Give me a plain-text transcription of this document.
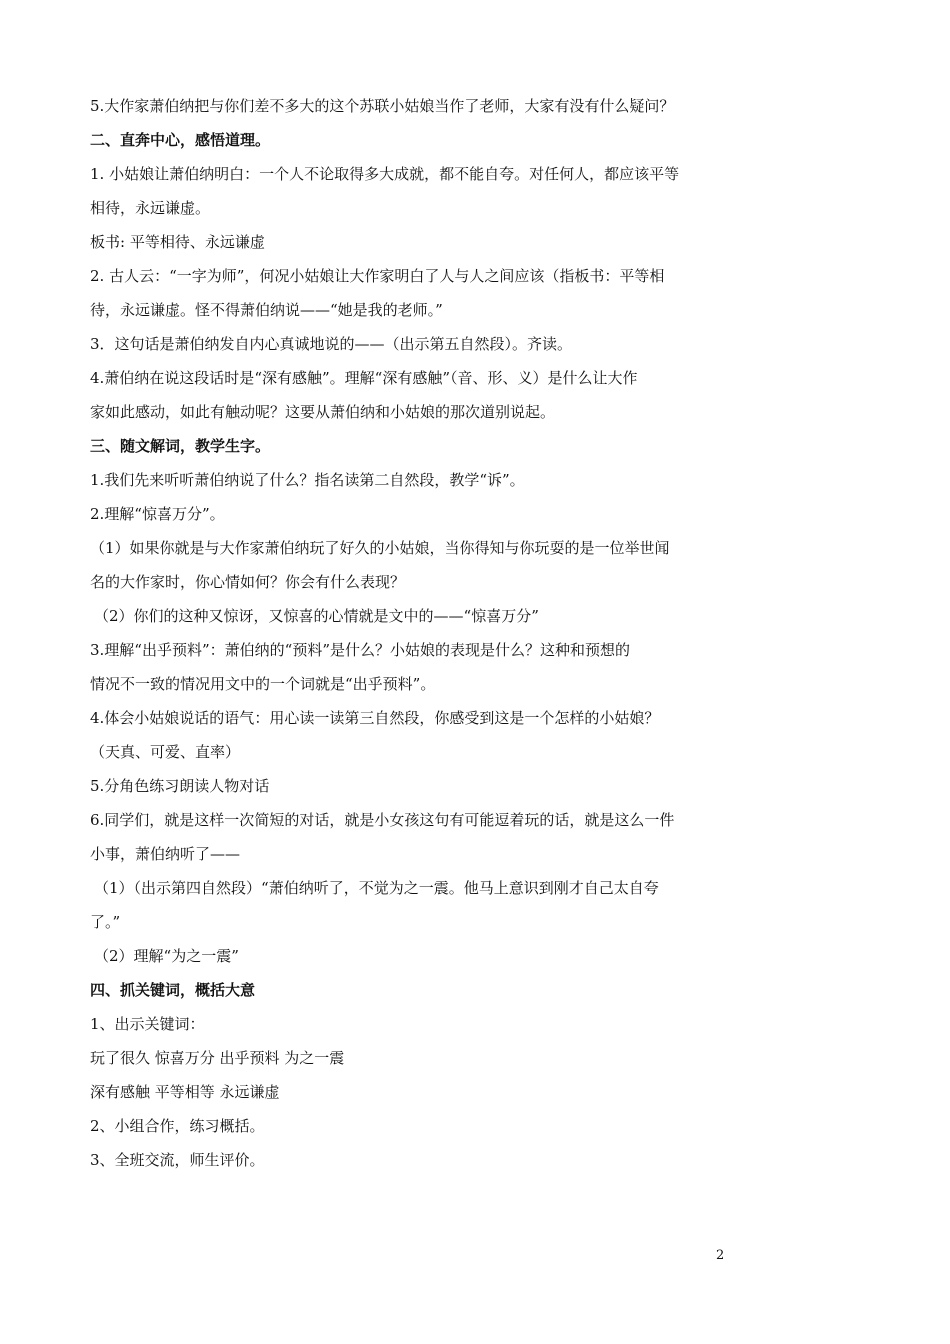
5.大作家萧伯纳把与你们差不多大的这个苏联小姑娘当作了老师，大家有没有什么疑问？
二、直奔中心，感悟道理。
1. 小姑娘让萧伯纳明白：一个人不论取得多大成就，都不能自夸。对任何人，都应该平等
相待，永远谦虚。
板书: 平等相待、永远谦虚
2. 古人云：“一字为师”，何况小姑娘让大作家明白了人与人之间应该（指板书：平等相
待，永远谦虚。怪不得萧伯纳说——“她是我的老师。”
3．这句话是萧伯纳发自内心真诚地说的——（出示第五自然段）。齐读。
4.萧伯纳在说这段话时是“深有感触”。理解“深有感触”（音、形、义）是什么让大作
家如此感动，如此有触动呢？这要从萧伯纳和小姑娘的那次道别说起。
三、随文解词，教学生字。
1.我们先来听听萧伯纳说了什么？指名读第二自然段，教学“诉”。
2.理解“惊喜万分”。
（1）如果你就是与大作家萧伯纳玩了好久的小姑娘，当你得知与你玩耍的是一位举世闻
名的大作家时，你心情如何？你会有什么表现？
（2）你们的这种又惊讶，又惊喜的心情就是文中的——“惊喜万分”
3.理解“出乎预料”：萧伯纳的“预料”是什么？小姑娘的表现是什么？这种和预想的
情况不一致的情况用文中的一个词就是“出乎预料”。
4.体会小姑娘说话的语气：用心读一读第三自然段，你感受到这是一个怎样的小姑娘？
（天真、可爱、直率）
5.分角色练习朗读人物对话
6.同学们，就是这样一次简短的对话，就是小女孩这句有可能逗着玩的话，就是这么一件
小事，萧伯纳听了——
（1）（出示第四自然段）“萧伯纳听了，不觉为之一震。他马上意识到刚才自己太自夸
了。”
（2）理解“为之一震”
四、抓关键词，概括大意
1、出示关键词：
玩了很久 惊喜万分 出乎预料 为之一震
深有感触 平等相等 永远谦虚
2、小组合作，练习概括。
3、全班交流，师生评价。
2
